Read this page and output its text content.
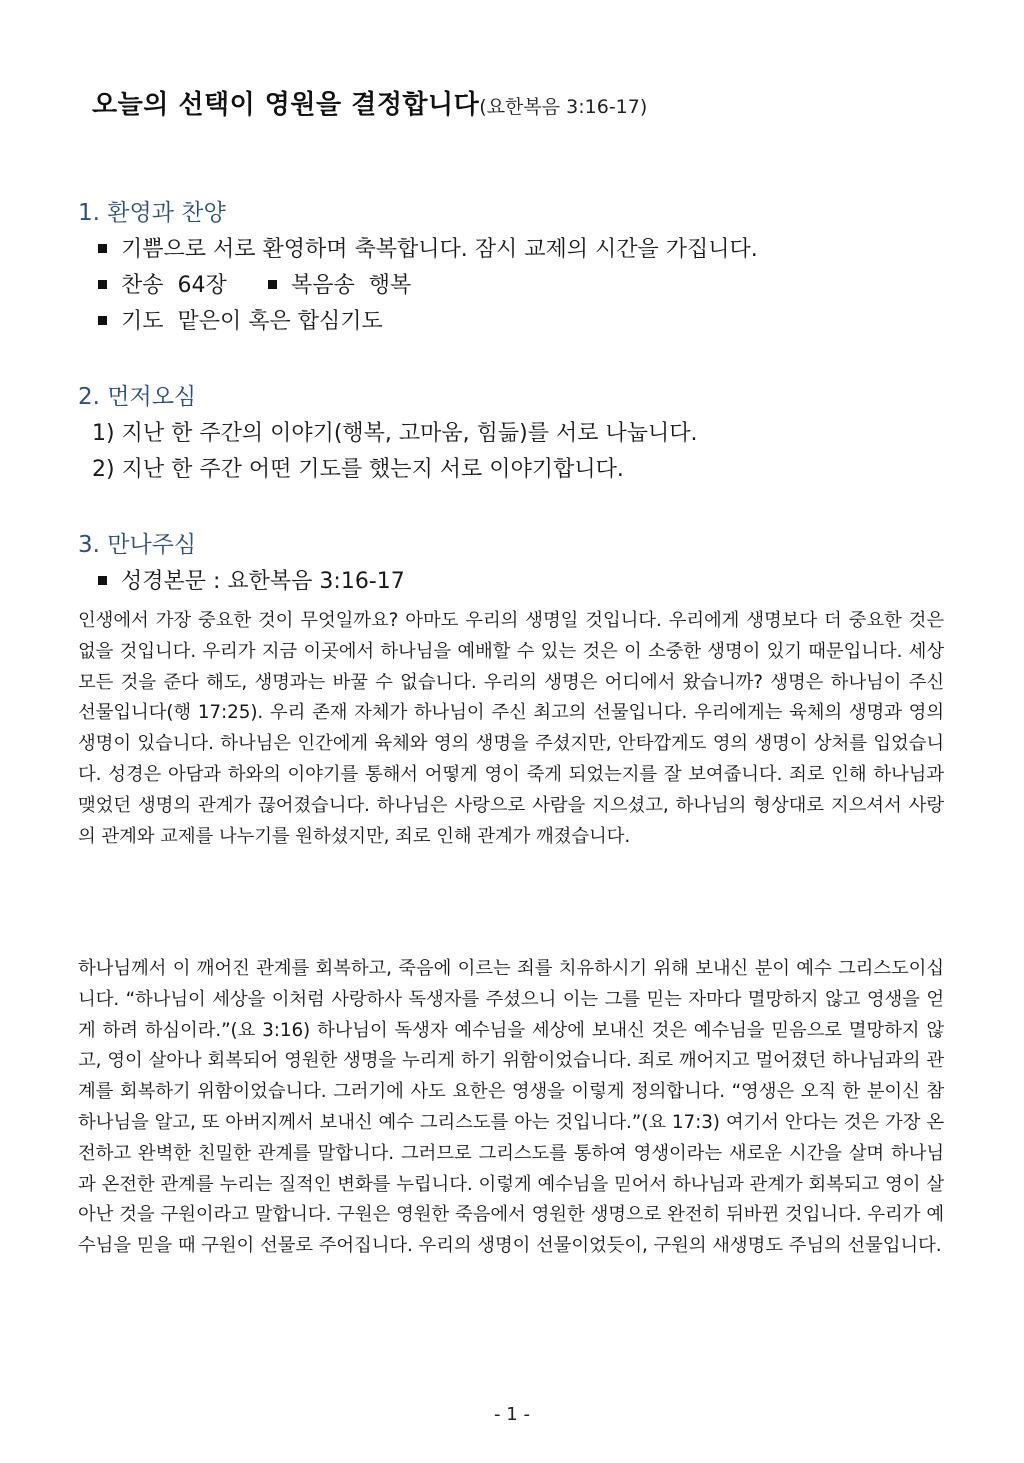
오늘의 선택이 영원을 결정합니다(요한복음 3:16-17)
1. 환영과 찬양
기쁨으로 서로 환영하며 축복합니다. 잠시 교제의 시간을 가집니다.
찬송  64장	복음송  행복
기도  맡은이 혹은 합심기도
2. 먼저오심
1) 지난 한 주간의 이야기(행복, 고마움, 힘듦)를 서로 나눕니다.
2) 지난 한 주간 어떤 기도를 했는지 서로 이야기합니다.
3. 만나주심
성경본문 : 요한복음 3:16-17

인생에서 가장 중요한 것이 무엇일까요? 아마도 우리의 생명일 것입니다. 우리에게 생명보다 더 중요한 것은 없을 것입니다. 우리가 지금 이곳에서 하나님을 예배할 수 있는 것은 이 소중한 생명이 있기 때문입니다. 세상 모든 것을 준다 해도, 생명과는 바꿀 수 없습니다. 우리의 생명은 어디에서 왔습니까? 생명은 하나님이 주신 선물입니다(행 17:25). 우리 존재 자체가 하나님이 주신 최고의 선물입니다. 우리에게는 육체의 생명과 영의 생명이 있습니다. 하나님은 인간에게 육체와 영의 생명을 주셨지만, 안타깝게도 영의 생명이 상처를 입었습니다. 성경은 아담과 하와의 이야기를 통해서 어떻게 영이 죽게 되었는지를 잘 보여줍니다. 죄로 인해 하나님과 맺었던 생명의 관계가 끊어졌습니다. 하나님은 사랑으로 사람을 지으셨고, 하나님의 형상대로 지으셔서 사랑의 관계와 교제를 나누기를 원하셨지만, 죄로 인해 관계가 깨졌습니다.

하나님께서 이 깨어진 관계를 회복하고, 죽음에 이르는 죄를 치유하시기 위해 보내신 분이 예수 그리스도이십니다. “하나님이 세상을 이처럼 사랑하사 독생자를 주셨으니 이는 그를 믿는 자마다 멸망하지 않고 영생을 얻게 하려 하심이라.”(요 3:16) 하나님이 독생자 예수님을 세상에 보내신 것은 예수님을 믿음으로 멸망하지 않고, 영이 살아나 회복되어 영원한 생명을 누리게 하기 위함이었습니다. 죄로 깨어지고 멀어졌던 하나님과의 관계를 회복하기 위함이었습니다. 그러기에 사도 요한은 영생을 이렇게 정의합니다. “영생은 오직 한 분이신 참 하나님을 알고, 또 아버지께서 보내신 예수 그리스도를 아는 것입니다.”(요 17:3) 여기서 안다는 것은 가장 온전하고 완벽한 친밀한 관계를 말합니다. 그러므로 그리스도를 통하여 영생이라는 새로운 시간을 살며 하나님과 온전한 관계를 누리는 질적인 변화를 누립니다. 이렇게 예수님을 믿어서 하나님과 관계가 회복되고 영이 살아난 것을 구원이라고 말합니다. 구원은 영원한 죽음에서 영원한 생명으로 완전히 뒤바뀐 것입니다. 우리가 예수님을 믿을 때 구원이 선물로 주어집니다. 우리의 생명이 선물이었듯이, 구원의 새생명도 주님의 선물입니다.

- 1 -
